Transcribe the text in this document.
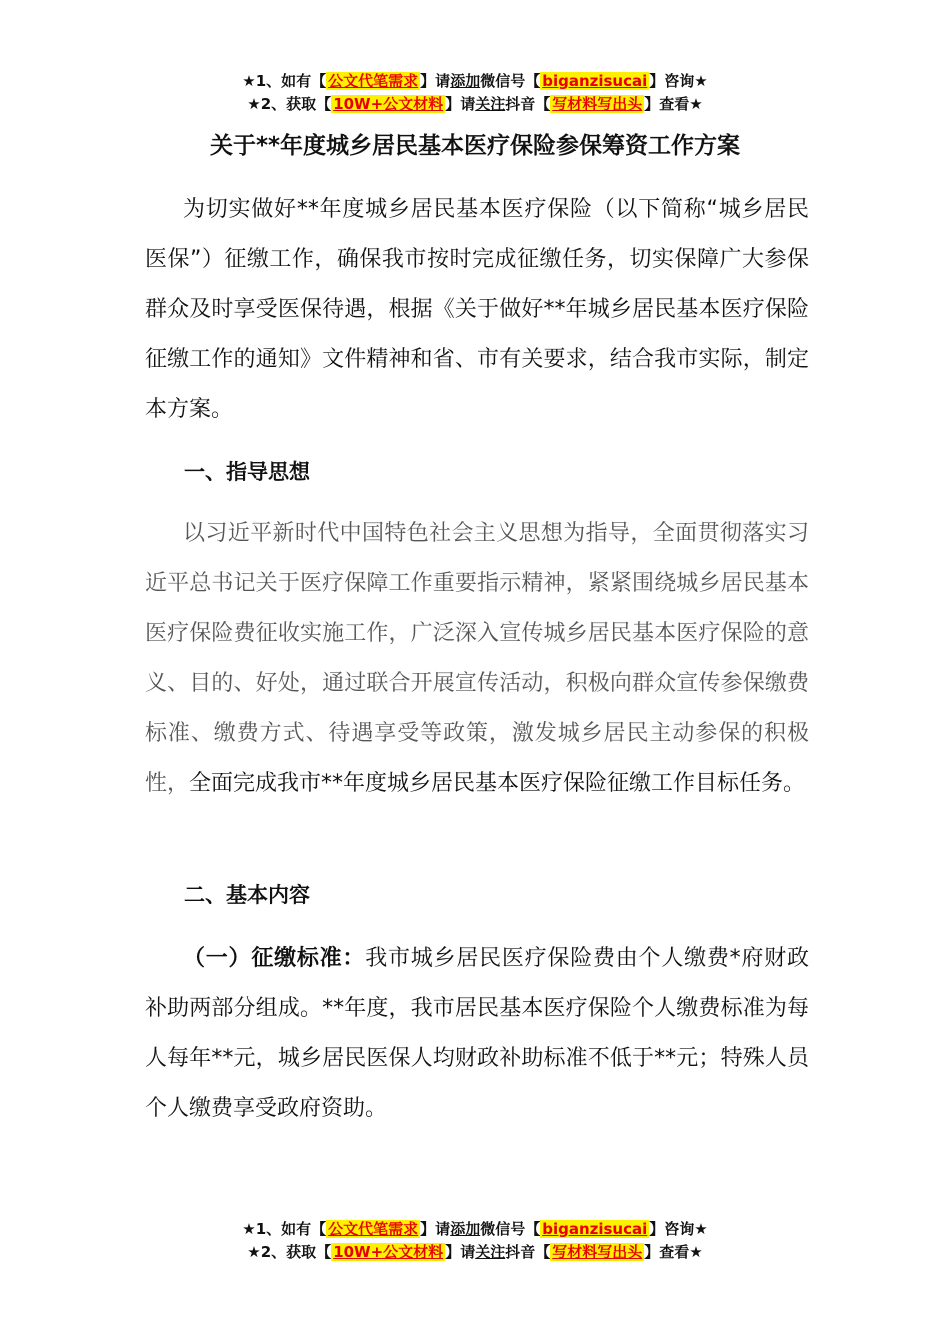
★1、如有【 公文代笔需求 】请添加微信号【 biganzisucai 】咨询★
★2、获取【 10W+公文材料 】请关注抖音【 写材料写出头 】查看★
关于**年度城乡居民基本医疗保险参保筹资工作方案

为切实做好**年度城乡居民基本医疗保险（以下简称“城乡居民医保”）征缴工作，确保我市按时完成征缴任务，切实保障广大参保群众及时享受医保待遇，根据《关于做好**年城乡居民基本医疗保险征缴工作的通知》文件精神和省、市有关要求，结合我市实际，制定本方案。

一、指导思想

以习近平新时代中国特色社会主义思想为指导，全面贯彻落实习近平总书记关于医疗保障工作重要指示精神，紧紧围绕城乡居民基本医疗保险费征收实施工作，广泛深入宣传城乡居民基本医疗保险的意义、目的、好处，通过联合开展宣传活动，积极向群众宣传参保缴费标准、缴费方式、待遇享受等政策，激发城乡居民主动参保的积极性，全面完成我市**年度城乡居民基本医疗保险征缴工作目标任务。

二、基本内容

（一）征缴标准：我市城乡居民医疗保险费由个人缴费*府财政补助两部分组成。**年度，我市居民基本医疗保险个人缴费标准为每人每年**元，城乡居民医保人均财政补助标准不低于**元；特殊人员个人缴费享受政府资助。

★1、如有【 公文代笔需求 】请添加微信号【 biganzisucai 】咨询★
★2、获取【 10W+公文材料 】请关注抖音【 写材料写出头 】查看★
